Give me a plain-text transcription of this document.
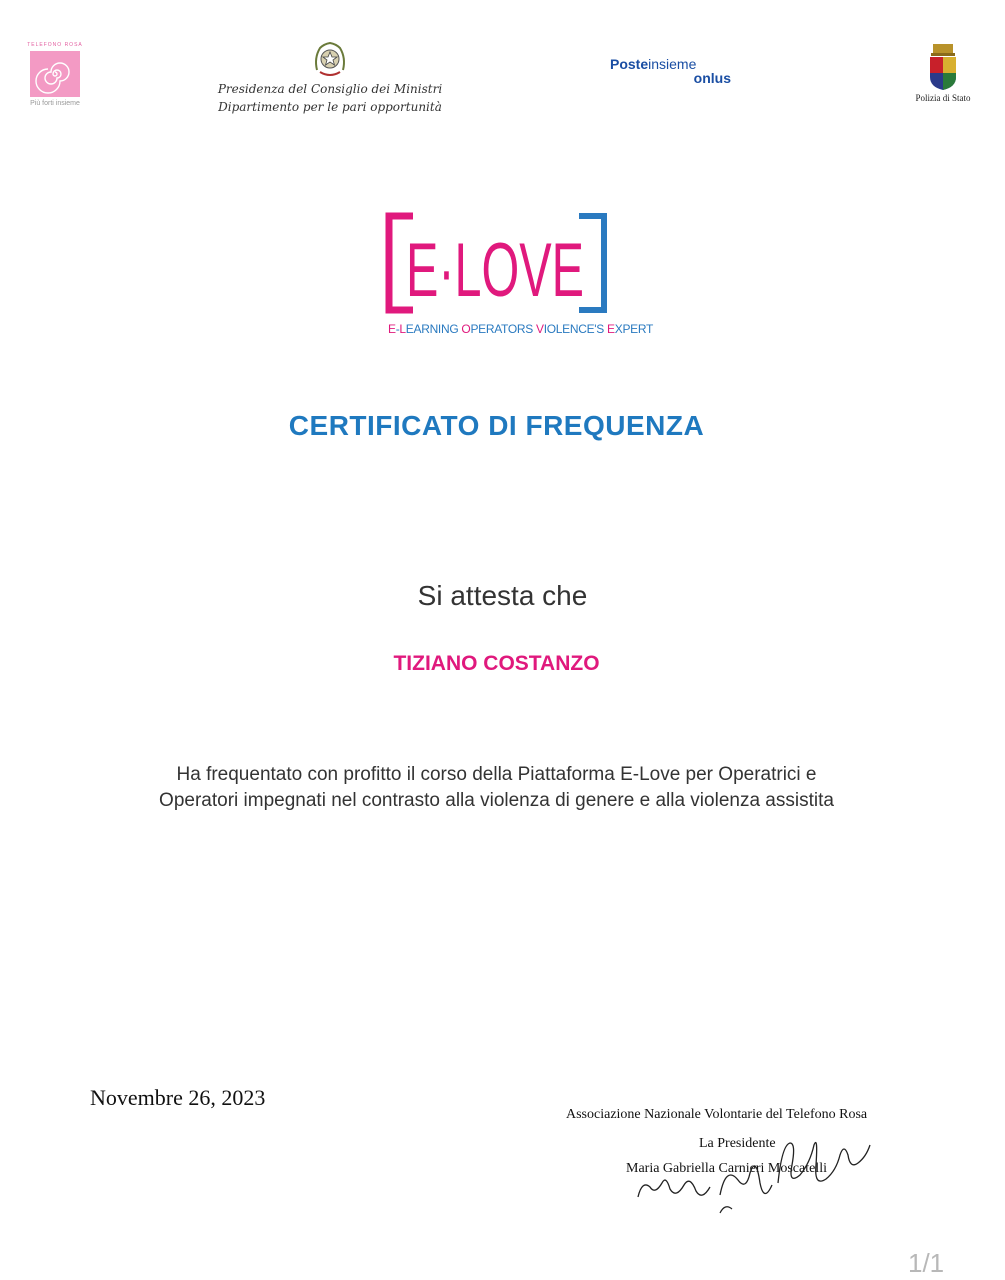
TELEFONO ROSA
Più forti insieme
Presidenza del Consiglio dei Ministri
Dipartimento per le pari opportunità
Posteinsieme
onlus
Polizia di Stato
E·LOVE
E-LEARNING OPERATORS VIOLENCE'S EXPERT
CERTIFICATO DI FREQUENZA
Si attesta che
TIZIANO COSTANZO
Ha frequentato con profitto il corso della Piattaforma E-Love per Operatrici e
Operatori impegnati nel contrasto alla violenza di genere e alla violenza assistita
Novembre 26, 2023
Associazione Nazionale Volontarie del Telefono Rosa
La Presidente
Maria Gabriella Carnieri Moscatelli
1/1
